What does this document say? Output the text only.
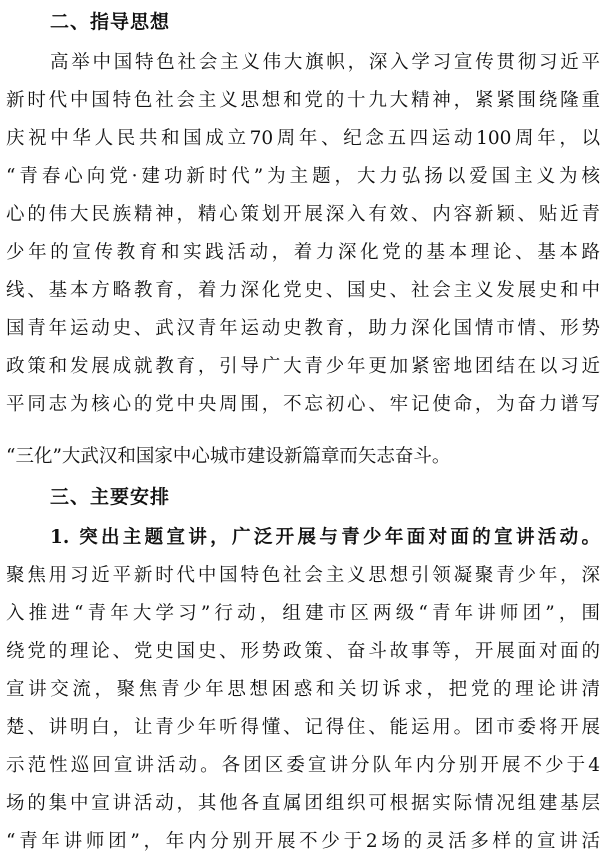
二、指导思想
高举中国特色社会主义伟大旗帜，深入学习宣传贯彻习近平
新时代中国特色社会主义思想和党的十九大精神，紧紧围绕隆重
庆祝中华人民共和国成立70周年、纪念五四运动100周年，以
“青春心向党·建功新时代”为主题，大力弘扬以爱国主义为核
心的伟大民族精神，精心策划开展深入有效、内容新颖、贴近青
少年的宣传教育和实践活动，着力深化党的基本理论、基本路
线、基本方略教育，着力深化党史、国史、社会主义发展史和中
国青年运动史、武汉青年运动史教育，助力深化国情市情、形势
政策和发展成就教育，引导广大青少年更加紧密地团结在以习近
平同志为核心的党中央周围，不忘初心、牢记使命，为奋力谱写
“三化”大武汉和国家中心城市建设新篇章而矢志奋斗。
三、主要安排
1. 突出主题宣讲，广泛开展与青少年面对面的宣讲活动。
聚焦用习近平新时代中国特色社会主义思想引领凝聚青少年，深
入推进“青年大学习”行动，组建市区两级“青年讲师团”，围
绕党的理论、党史国史、形势政策、奋斗故事等，开展面对面的
宣讲交流，聚焦青少年思想困惑和关切诉求，把党的理论讲清
楚、讲明白，让青少年听得懂、记得住、能运用。团市委将开展
示范性巡回宣讲活动。各团区委宣讲分队年内分别开展不少于4
场的集中宣讲活动，其他各直属团组织可根据实际情况组建基层
“青年讲师团”，年内分别开展不少于2场的灵活多样的宣讲活
